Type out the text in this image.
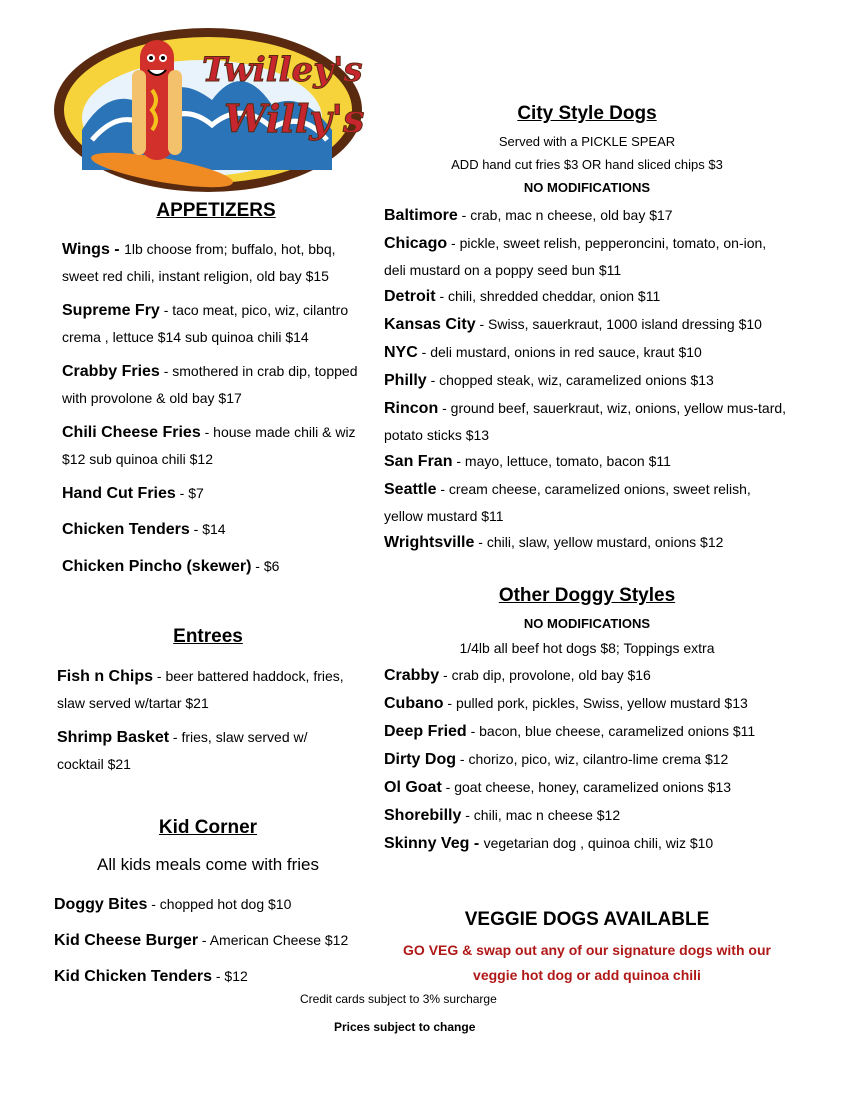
Twilley's
Willy's
APPETIZERS
Wings - 1lb choose from; buffalo, hot, bbq, sweet red chili, instant religion, old bay $15
Supreme Fry - taco meat, pico, wiz, cilantro crema , lettuce $14 sub quinoa chili $14
Crabby Fries - smothered in crab dip, topped with provolone & old bay $17
Chili Cheese Fries - house made chili & wiz $12 sub quinoa chili $12
Hand Cut Fries - $7
Chicken Tenders - $14
Chicken Pincho (skewer) - $6
Entrees
Fish n Chips - beer battered haddock, fries, slaw served w/tartar $21
Shrimp Basket - fries, slaw served w/ cocktail $21
Kid Corner
All kids meals come with fries
Doggy Bites - chopped hot dog $10
Kid Cheese Burger - American Cheese $12
Kid Chicken Tenders - $12
City Style Dogs
Served with a PICKLE SPEAR
ADD hand cut fries $3 OR hand sliced chips $3
NO MODIFICATIONS
Baltimore - crab, mac n cheese, old bay $17
Chicago - pickle, sweet relish, pepperoncini, tomato, on-ion, deli mustard on a poppy seed bun $11
Detroit - chili, shredded cheddar, onion $11
Kansas City - Swiss, sauerkraut, 1000 island dressing $10
NYC - deli mustard, onions in red sauce, kraut $10
Philly - chopped steak, wiz, caramelized onions $13
Rincon - ground beef, sauerkraut, wiz, onions, yellow mus-tard, potato sticks $13
San Fran - mayo, lettuce, tomato, bacon $11
Seattle - cream cheese, caramelized onions, sweet relish, yellow mustard $11
Wrightsville - chili, slaw, yellow mustard, onions $12
Other Doggy Styles
NO MODIFICATIONS
1/4lb all beef hot dogs $8; Toppings extra
Crabby - crab dip, provolone, old bay $16
Cubano - pulled pork, pickles, Swiss, yellow mustard $13
Deep Fried - bacon, blue cheese, caramelized onions $11
Dirty Dog - chorizo, pico, wiz, cilantro-lime crema $12
Ol Goat - goat cheese, honey, caramelized onions $13
Shorebilly - chili, mac n cheese $12
Skinny Veg - vegetarian dog , quinoa chili, wiz $10
VEGGIE DOGS AVAILABLE
GO VEG & swap out any of our signature dogs with our
veggie hot dog or add quinoa chili
Credit cards subject to 3% surcharge
Prices subject to change
